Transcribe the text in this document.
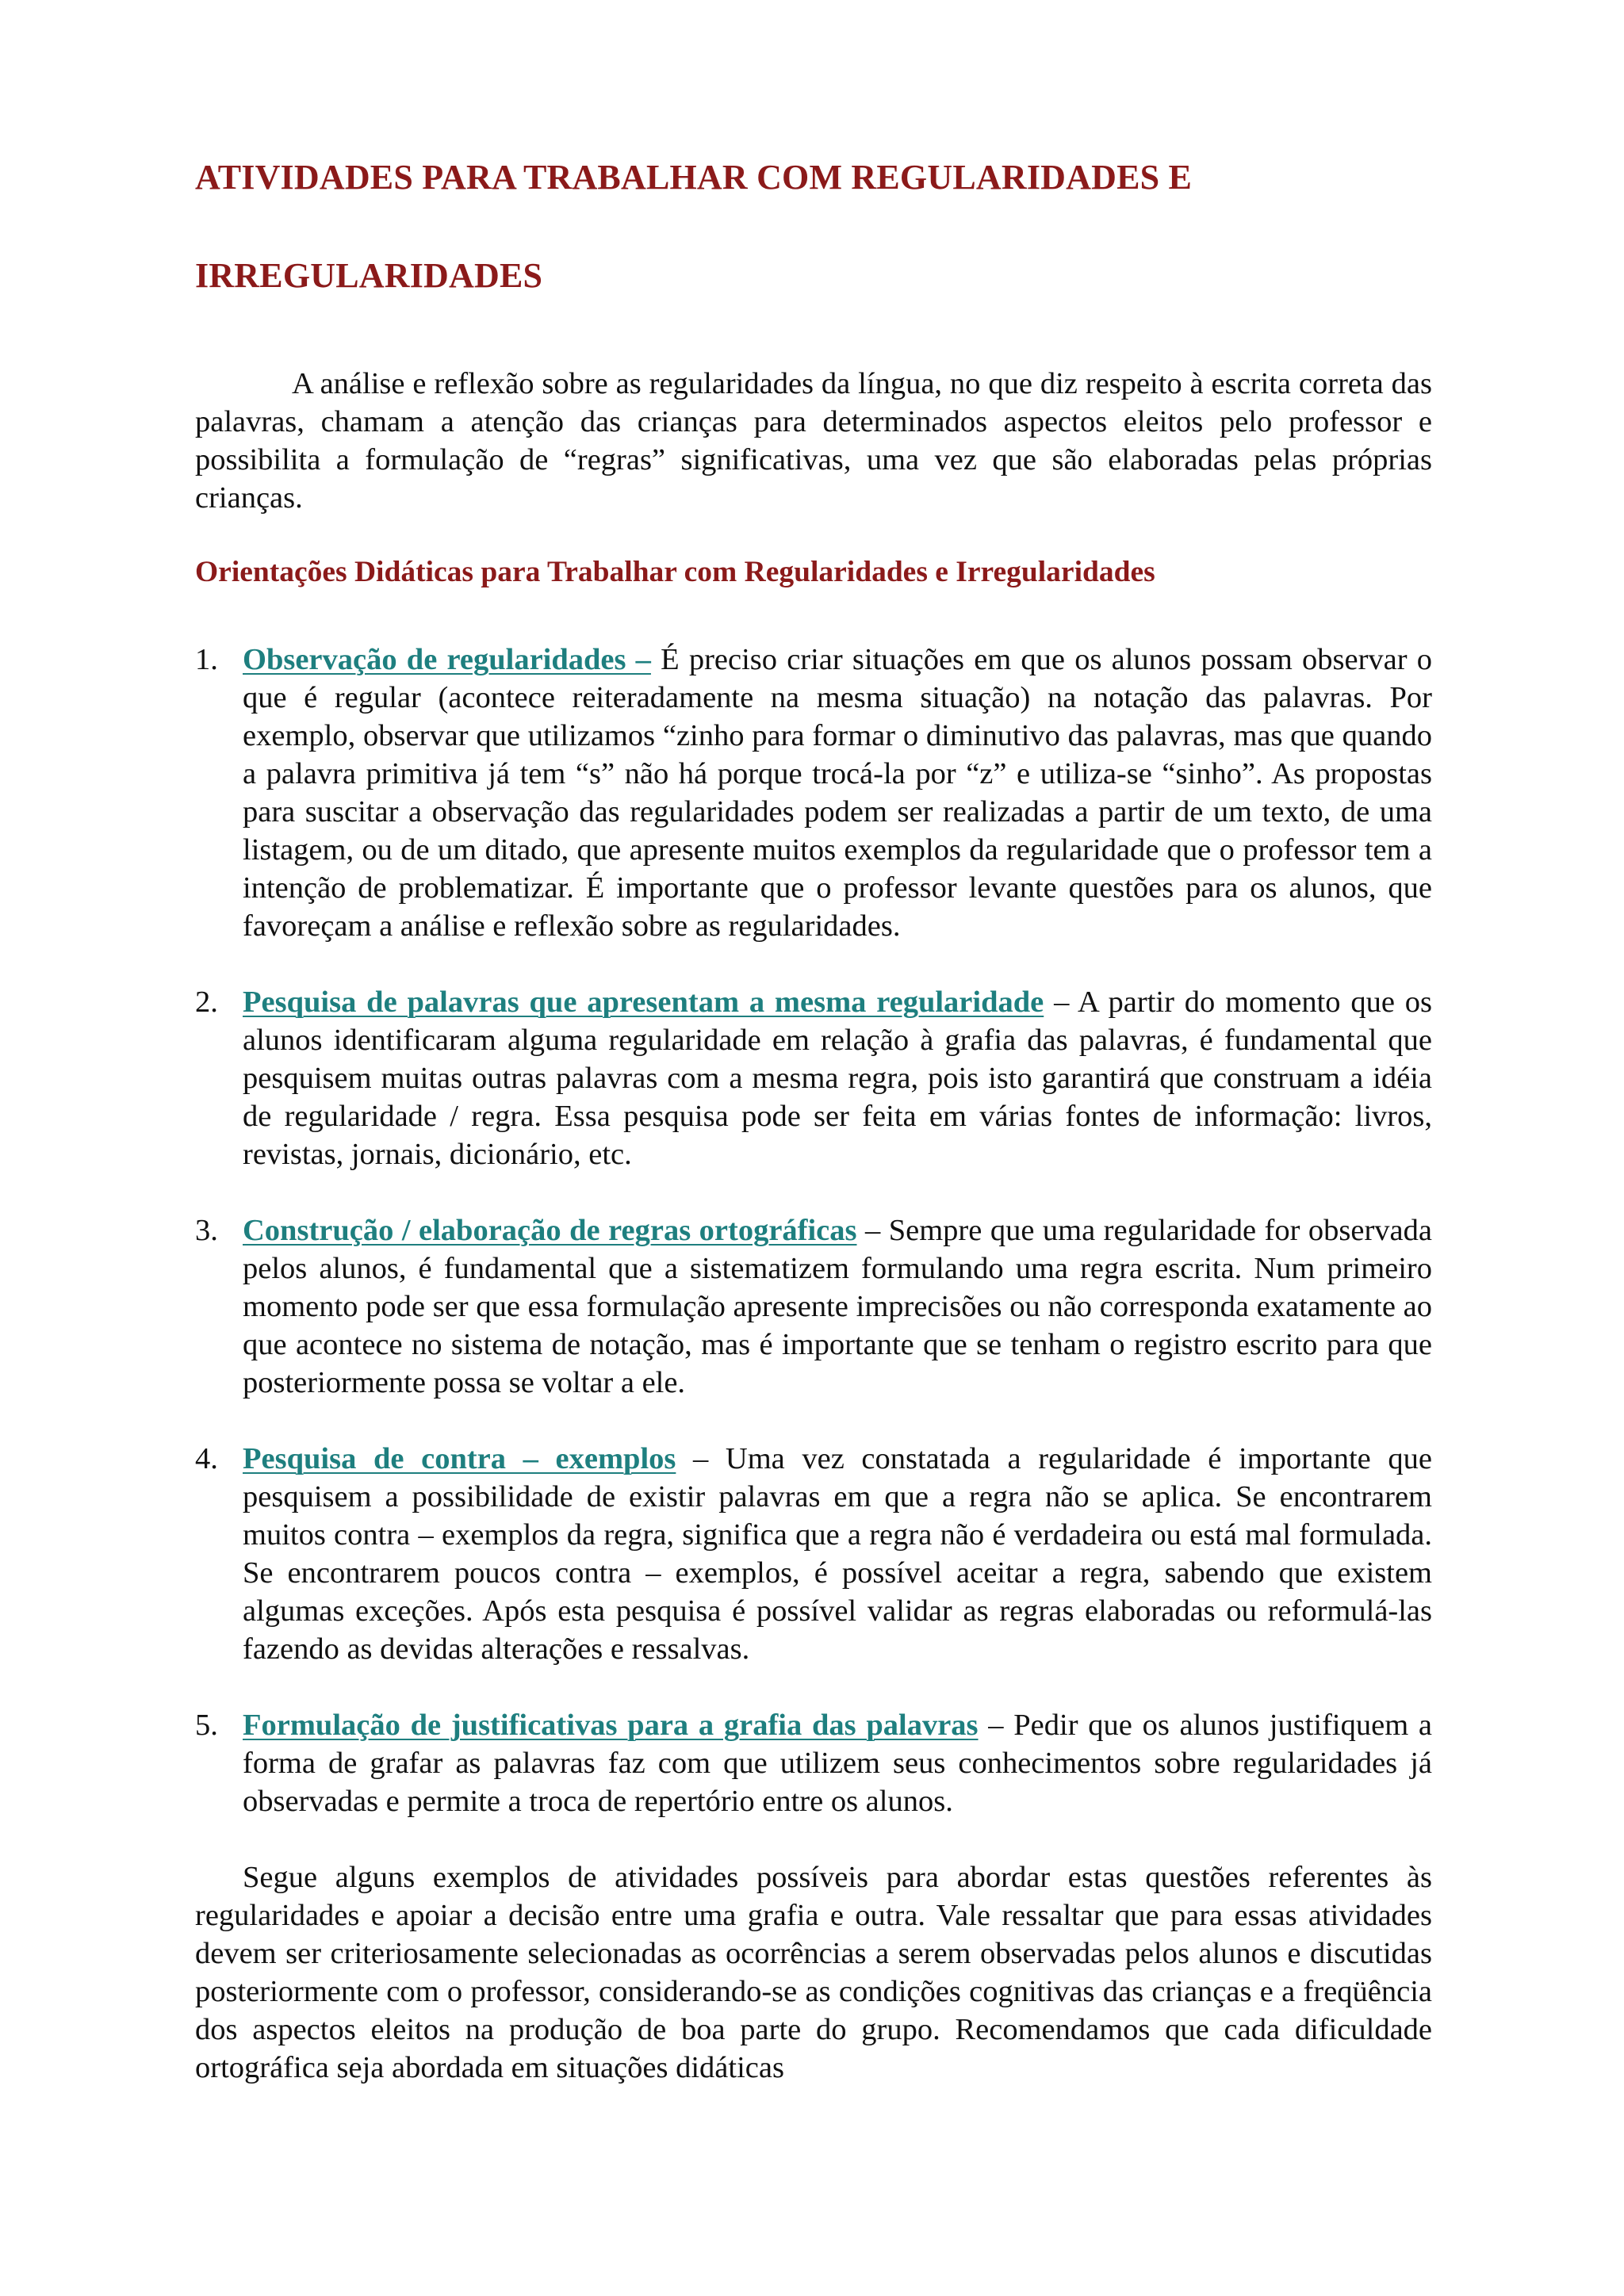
ATIVIDADES PARA TRABALHAR COM REGULARIDADES E
IRREGULARIDADES

A análise e reflexão sobre as regularidades da língua, no que diz respeito à escrita correta das palavras, chamam a atenção das crianças para determinados aspectos eleitos pelo professor e possibilita a formulação de “regras” significativas, uma vez que são elaboradas pelas próprias crianças.

Orientações Didáticas para Trabalhar com Regularidades e Irregularidades
1. Observação de regularidades – É preciso criar situações em que os alunos possam observar o que é regular (acontece reiteradamente na mesma situação) na notação das palavras. Por exemplo, observar que utilizamos “zinho para formar o diminutivo das palavras, mas que quando a palavra primitiva já tem “s” não há porque trocá-la por “z” e utiliza-se “sinho”. As propostas para suscitar a observação das regularidades podem ser realizadas a partir de um texto, de uma listagem, ou de um ditado, que apresente muitos exemplos da regularidade que o professor tem a intenção de problematizar. É importante que o professor levante questões para os alunos, que favoreçam a análise e reflexão sobre as regularidades.
2. Pesquisa de palavras que apresentam a mesma regularidade – A partir do momento que os alunos identificaram alguma regularidade em relação à grafia das palavras, é fundamental que pesquisem muitas outras palavras com a mesma regra, pois isto garantirá que construam a idéia de regularidade / regra. Essa pesquisa pode ser feita em várias fontes de informação: livros, revistas, jornais, dicionário, etc.
3. Construção / elaboração de regras ortográficas – Sempre que uma regularidade for observada pelos alunos, é fundamental que a sistematizem formulando uma regra escrita. Num primeiro momento pode ser que essa formulação apresente imprecisões ou não corresponda exatamente ao que acontece no sistema de notação, mas é importante que se tenham o registro escrito para que posteriormente possa se voltar a ele.
4. Pesquisa de contra – exemplos – Uma vez constatada a regularidade é importante que pesquisem a possibilidade de existir palavras em que a regra não se aplica. Se encontrarem muitos contra – exemplos da regra, significa que a regra não é verdadeira ou está mal formulada. Se encontrarem poucos contra – exemplos, é possível aceitar a regra, sabendo que existem algumas exceções. Após esta pesquisa é possível validar as regras elaboradas ou reformulá-las fazendo as devidas alterações e ressalvas.
5. Formulação de justificativas para a grafia das palavras – Pedir que os alunos justifiquem a forma de grafar as palavras faz com que utilizem seus conhecimentos sobre regularidades já observadas e permite a troca de repertório entre os alunos.

Segue alguns exemplos de atividades possíveis para abordar estas questões referentes às regularidades e apoiar a decisão entre uma grafia e outra. Vale ressaltar que para essas atividades devem ser criteriosamente selecionadas as ocorrências a serem observadas pelos alunos e discutidas posteriormente com o professor, considerando-se as condições cognitivas das crianças e a freqüência dos aspectos eleitos na produção de boa parte do grupo. Recomendamos que cada dificuldade ortográfica seja abordada em situações didáticas
